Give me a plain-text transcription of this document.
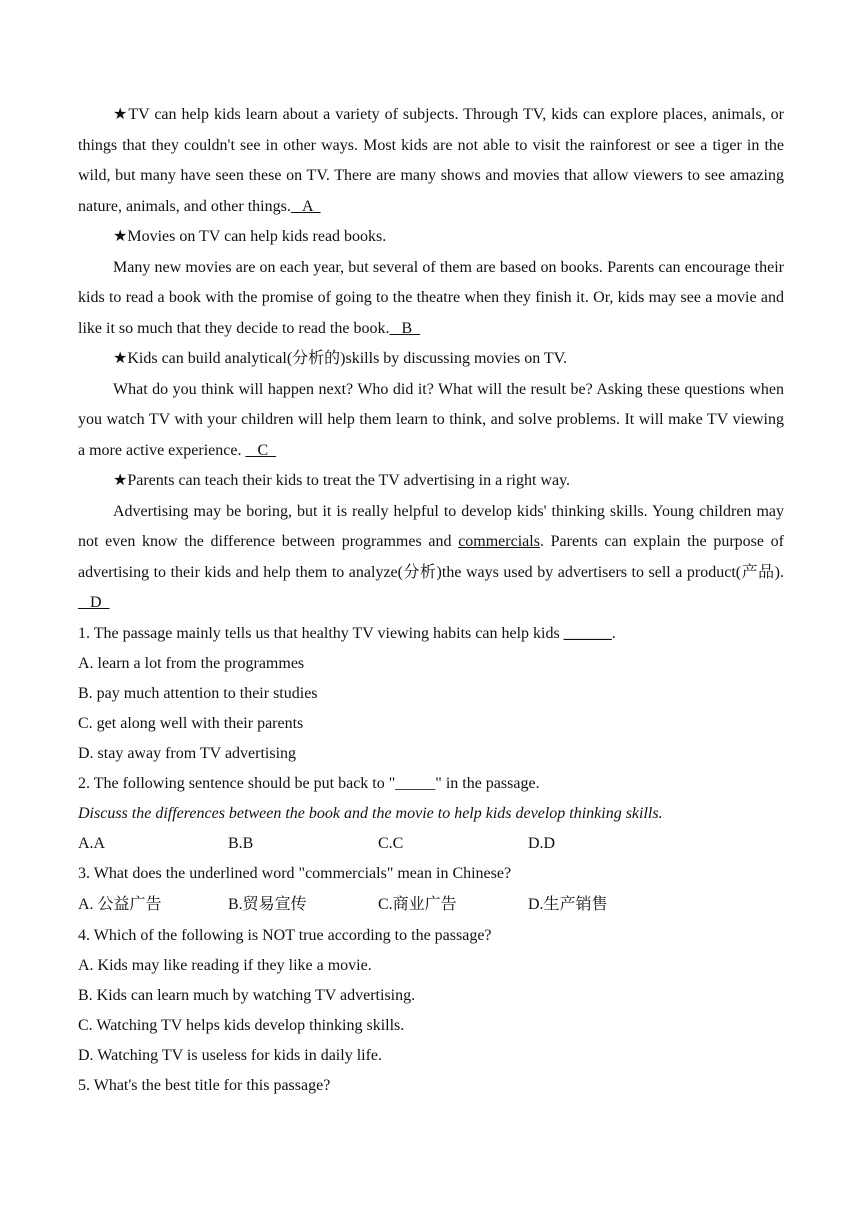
★TV can help kids learn about a variety of subjects. Through TV, kids can explore places, animals, or things that they couldn't see in other ways. Most kids are not able to visit the rainforest or see a tiger in the wild, but many have seen these on TV. There are many shows and movies that allow viewers to see amazing nature, animals, and other things.   A

★Movies on TV can help kids read books.

Many new movies are on each year, but several of them are based on books. Parents can encourage their kids to read a book with the promise of going to the theatre when they finish it. Or, kids may see a movie and like it so much that they decide to read the book.   B

★Kids can build analytical(分析的)skills by discussing movies on TV.

What do you think will happen next? Who did it? What will the result be? Asking these questions when you watch TV with your children will help them learn to think, and solve problems. It will make TV viewing a more active experience.    C

★Parents can teach their kids to treat the TV advertising in a right way.

Advertising may be boring, but it is really helpful to develop kids' thinking skills. Young children may not even know the difference between programmes and commercials. Parents can explain the purpose of advertising to their kids and help them to analyze(分析)the ways used by advertisers to sell a product(产品).   D

1. The passage mainly tells us that healthy TV viewing habits can help kids ______.

A. learn a lot from the programmes

B. pay much attention to their studies

C. get along well with their parents

D. stay away from TV advertising

2. The following sentence should be put back to "_____" in the passage.

Discuss the differences between the book and the movie to help kids develop thinking skills.

A.A	B.B	C.C	D.D

3. What does the underlined word "commercials" mean in Chinese?

A. 公益广告	B.贸易宣传	C.商业广告	D.生产销售

4. Which of the following is NOT true according to the passage?

A. Kids may like reading if they like a movie.

B. Kids can learn much by watching TV advertising.

C. Watching TV helps kids develop thinking skills.

D. Watching TV is useless for kids in daily life.

5. What's the best title for this passage?
